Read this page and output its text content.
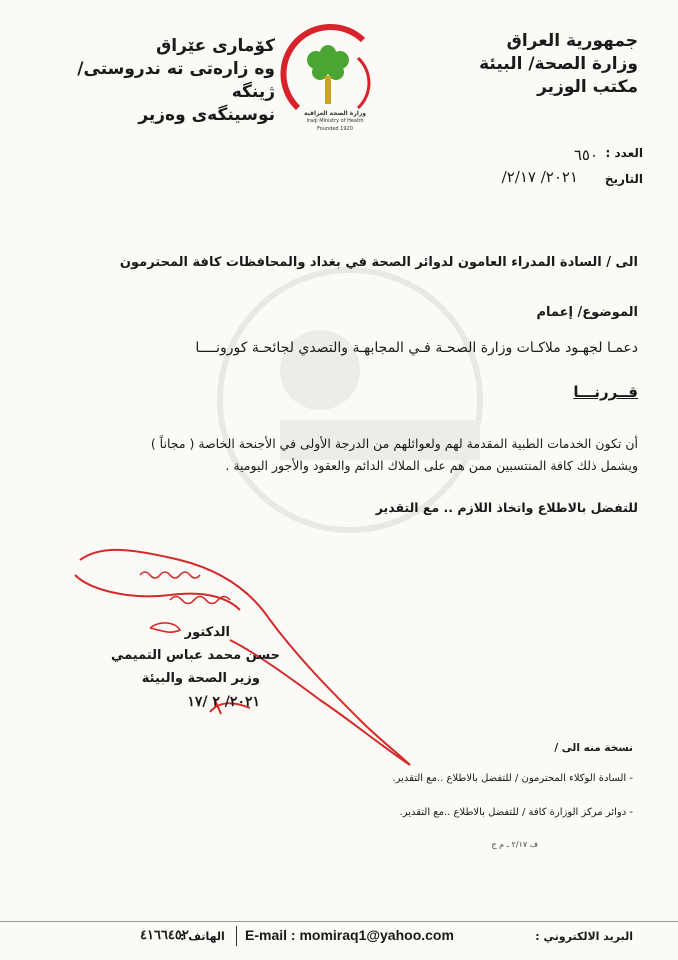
جمهورية العراق
وزارة الصحة/ البيئة
مكتب الوزير
كۆماری عێراق
وه زارەتی تە ندروستی/ ژینگە
نوسینگەی وەزیر	وزارة الصحة العراقية
Iraqi Ministry of Health
Founded 1920
العدد :
٦٥٠
التاريخ
٢٠٢١/ ٢/١٧/
الى / السادة المدراء العامون لدوائر الصحة في بغداد والمحافظات كافة المحترمون
الموضوع/ إعمام
دعمـا لجهـود ملاكـات وزارة الصحـة فـي المجابهـة والتصدي لجائحـة كورونــــا
قــررنـــا
أن تكون الخدمات الطبية المقدمة لهم ولعوائلهم من الدرجة الأولى في الأجنحة الخاصة ( مجاناً )
ويشمل ذلك كافة المنتسبين ممن هم على الملاك الدائم والعقود والأجور اليومية .
للتفضل بالاطلاع واتخاذ اللازم .. مع التقدير
الدكتور
حسن محمد عباس التميمي
وزير الصحة والبيئة
٢٠٢١/ ٢ /١٧
نسخة منه الى /
- السادة الوكلاء المحترمون / للتفضل بالاطلاع ..مع التقدير.
- دوائر مركز الوزارة كافة / للتفضل بالاطلاع ..مع التقدير.
ف ٢/١٧ ـ م ج
البريد الالكتروني :
E-mail : momiraq1@yahoo.com
الهاتف :
٤١٦٦٤٥٢
